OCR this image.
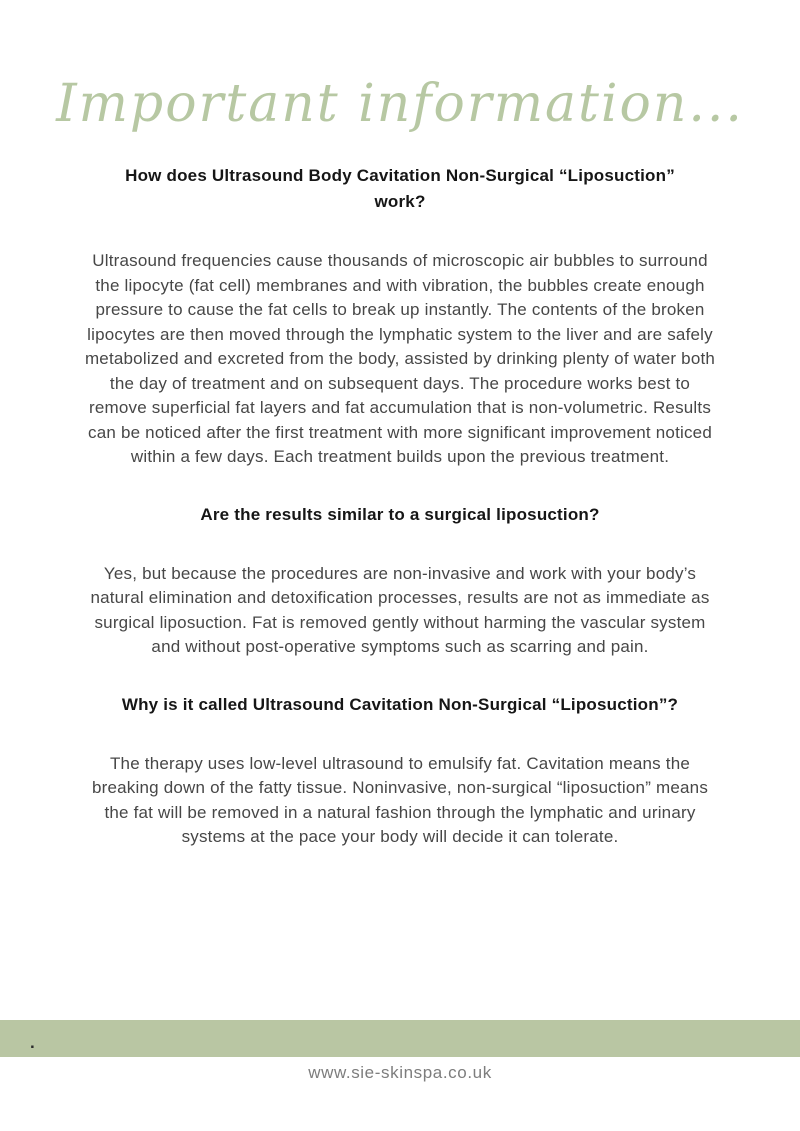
Important information...
How does Ultrasound Body Cavitation Non-Surgical “Liposuction” work?

Ultrasound frequencies cause thousands of microscopic air bubbles to surround the lipocyte (fat cell) membranes and with vibration, the bubbles create enough pressure to cause the fat cells to break up instantly. The contents of the broken lipocytes are then moved through the lymphatic system to the liver and are safely metabolized and excreted from the body, assisted by drinking plenty of water both the day of treatment and on subsequent days. The procedure works best to remove superficial fat layers and fat accumulation that is non-volumetric. Results can be noticed after the first treatment with more significant improvement noticed within a few days. Each treatment builds upon the previous treatment.

Are the results similar to a surgical liposuction?

Yes, but because the procedures are non-invasive and work with your body’s natural elimination and detoxification processes, results are not as immediate as surgical liposuction. Fat is removed gently without harming the vascular system and without post-operative symptoms such as scarring and pain.

Why is it called Ultrasound Cavitation Non-Surgical “Liposuction”?

The therapy uses low-level ultrasound to emulsify fat. Cavitation means the breaking down of the fatty tissue. Noninvasive, non-surgical “liposuction” means the fat will be removed in a natural fashion through the lymphatic and urinary systems at the pace your body will decide it can tolerate.

.
www.sie-skinspa.co.uk
